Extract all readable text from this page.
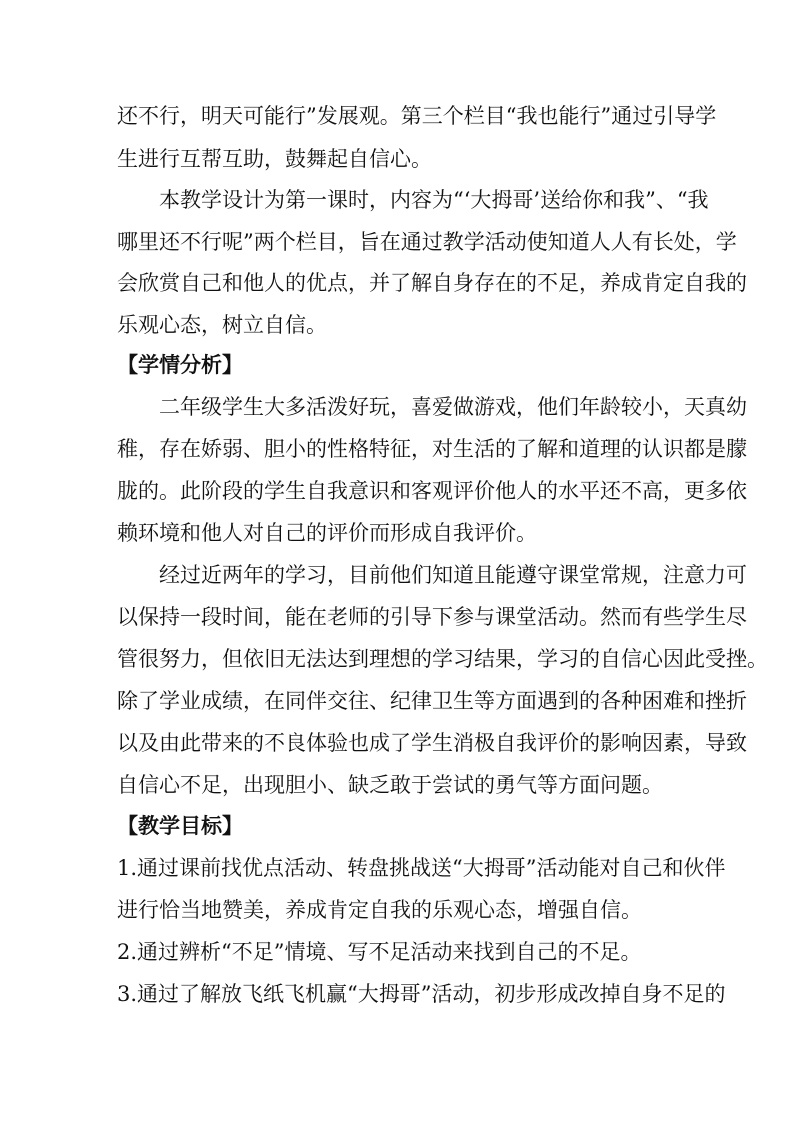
还不行，明天可能行”发展观。第三个栏目“我也能行”通过引导学
生进行互帮互助，鼓舞起自信心。
本教学设计为第一课时，内容为“‘大拇哥’送给你和我”、“我
哪里还不行呢”两个栏目，旨在通过教学活动使知道人人有长处，学
会欣赏自己和他人的优点，并了解自身存在的不足，养成肯定自我的
乐观心态，树立自信。
【学情分析】
二年级学生大多活泼好玩，喜爱做游戏，他们年龄较小，天真幼
稚，存在娇弱、胆小的性格特征，对生活的了解和道理的认识都是朦
胧的。此阶段的学生自我意识和客观评价他人的水平还不高，更多依
赖环境和他人对自己的评价而形成自我评价。
经过近两年的学习，目前他们知道且能遵守课堂常规，注意力可
以保持一段时间，能在老师的引导下参与课堂活动。然而有些学生尽
管很努力，但依旧无法达到理想的学习结果，学习的自信心因此受挫。
除了学业成绩，在同伴交往、纪律卫生等方面遇到的各种困难和挫折
以及由此带来的不良体验也成了学生消极自我评价的影响因素，导致
自信心不足，出现胆小、缺乏敢于尝试的勇气等方面问题。
【教学目标】
1.通过课前找优点活动、转盘挑战送“大拇哥”活动能对自己和伙伴
进行恰当地赞美，养成肯定自我的乐观心态，增强自信。
2.通过辨析“不足”情境、写不足活动来找到自己的不足。
3.通过了解放飞纸飞机赢“大拇哥”活动，初步形成改掉自身不足的
